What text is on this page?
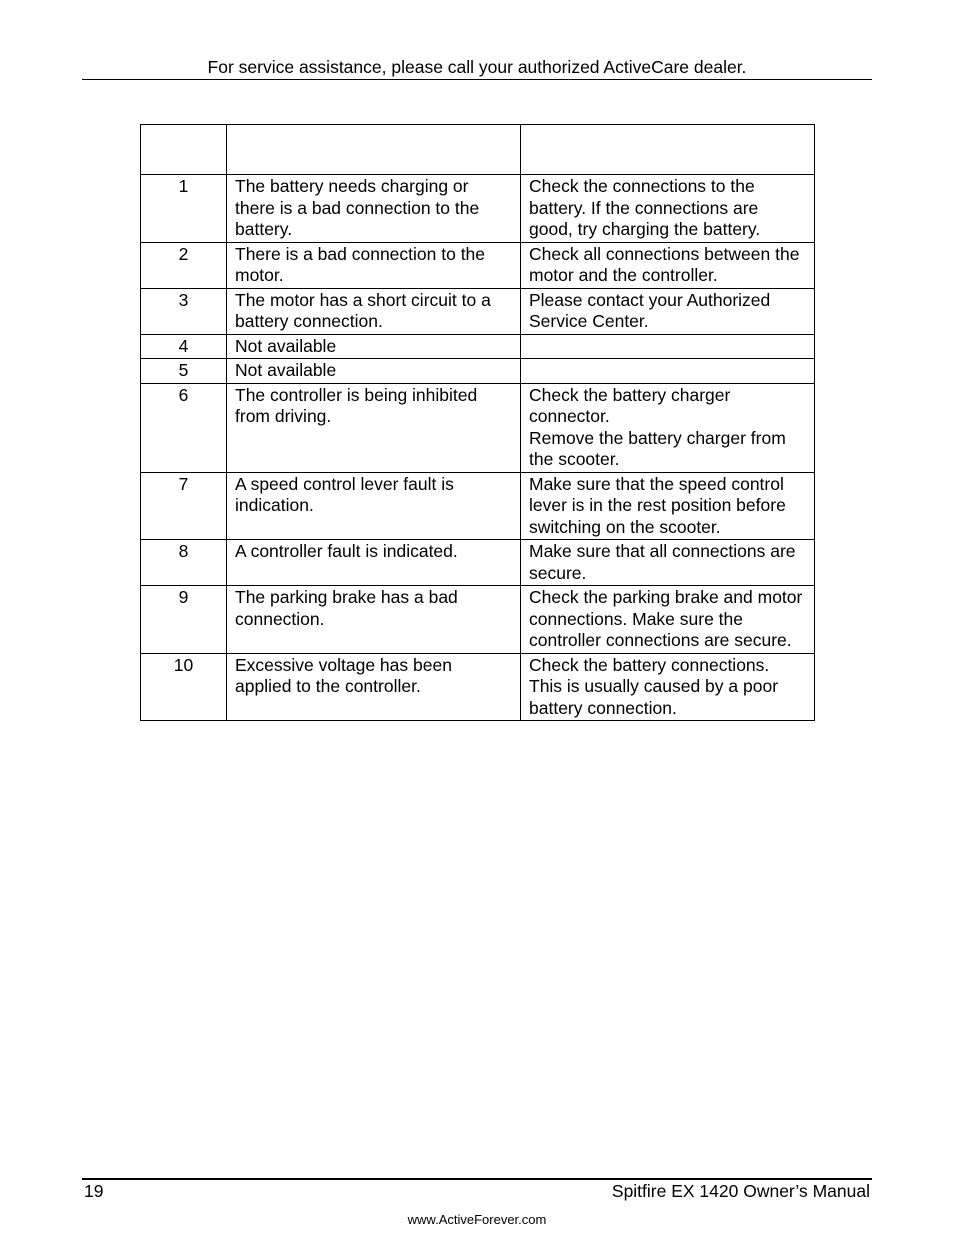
For service assistance, please call your authorized ActiveCare dealer.

1	The battery needs charging or there is a bad connection to the battery.	Check the connections to the battery. If the connections are good, try charging the battery.
2	There is a bad connection to the motor.	Check all connections between the motor and the controller.
3	The motor has a short circuit to a battery connection.	Please contact your Authorized Service Center.
4	Not available	
5	Not available	
6	The controller is being inhibited from driving.	Check the battery charger connector.
Remove the battery charger from the scooter.
7	A speed control lever fault is indication.	Make sure that the speed control lever is in the rest position before switching on the scooter.
8	A controller fault is indicated.	Make sure that all connections are secure.
9	The parking brake has a bad connection.	Check the parking brake and motor connections. Make sure the controller connections are secure.
10	Excessive voltage has been applied to the controller.	Check the battery connections. This is usually caused by a poor battery connection.
19	Spitfire EX 1420 Owner’s Manual
www.ActiveForever.com
